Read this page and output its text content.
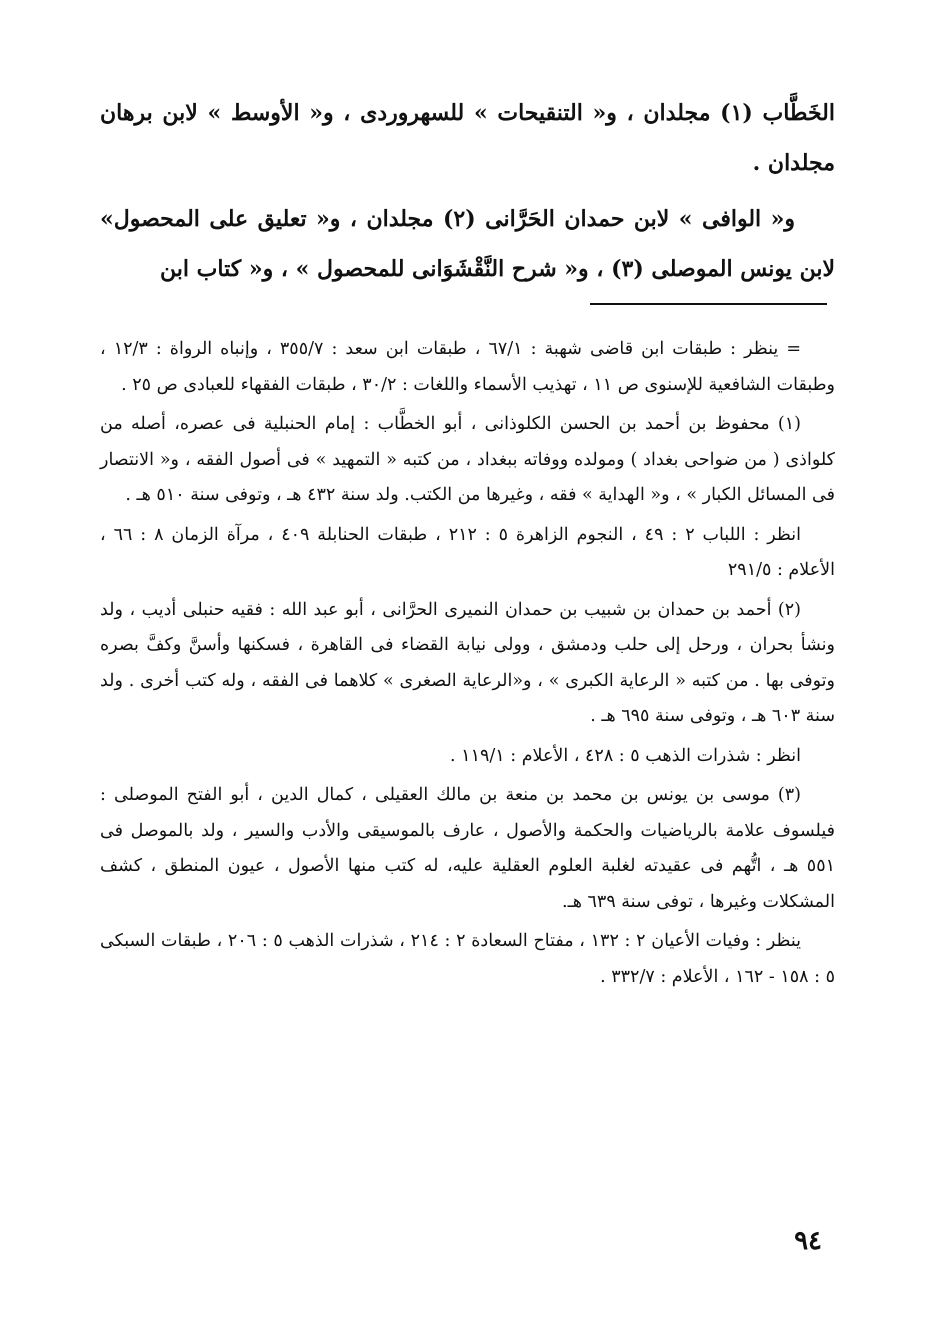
الخَطَّاب (١) مجلدان ، و« التنقيحات » للسهروردى ، و« الأوسط » لابن برهان مجلدان .

و« الوافى » لابن حمدان الحَرَّانى (٢) مجلدان ، و« تعليق على المحصول» لابن يونس الموصلى (٣) ، و« شرح النَّقْشَوَانى للمحصول » ، و« كتاب ابن

= ينظر : طبقات ابن قاضى شهبة : ٦٧/١ ، طبقات ابن سعد : ٣٥٥/٧ ، وإنباه الرواة : ١٢/٣ ، وطبقات الشافعية للإسنوى ص ١١ ، تهذيب الأسماء واللغات : ٣٠/٢ ، طبقات الفقهاء للعبادى ص ٢٥ .

(١) محفوظ بن أحمد بن الحسن الكلوذانى ، أبو الخطَّاب : إمام الحنبلية فى عصره، أصله من كلواذى ( من ضواحى بغداد ) ومولده ووفاته ببغداد ، من كتبه « التمهيد » فى أصول الفقه ، و« الانتصار فى المسائل الكبار » ، و« الهداية » فقه ، وغيرها من الكتب. ولد سنة ٤٣٢ هـ ، وتوفى سنة ٥١٠ هـ .

انظر : اللباب ٢ : ٤٩ ، النجوم الزاهرة ٥ : ٢١٢ ، طبقات الحنابلة ٤٠٩ ، مرآة الزمان ٨ : ٦٦ ، الأعلام : ٢٩١/٥

(٢) أحمد بن حمدان بن شبيب بن حمدان النميرى الحرَّانى ، أبو عبد الله : فقيه حنبلى أديب ، ولد ونشأ بحران ، ورحل إلى حلب ودمشق ، وولى نيابة القضاء فى القاهرة ، فسكنها وأسنَّ وكفَّ بصره وتوفى بها . من كتبه « الرعاية الكبرى » ، و«الرعاية الصغرى » كلاهما فى الفقه ، وله كتب أخرى . ولد سنة ٦٠٣ هـ ، وتوفى سنة ٦٩٥ هـ .

انظر : شذرات الذهب ٥ : ٤٢٨ ، الأعلام : ١١٩/١ .

(٣) موسى بن يونس بن محمد بن منعة بن مالك العقيلى ، كمال الدين ، أبو الفتح الموصلى : فيلسوف علامة بالرياضيات والحكمة والأصول ، عارف بالموسيقى والأدب والسير ، ولد بالموصل فى ٥٥١ هـ ، اتُّهم فى عقيدته لغلبة العلوم العقلية عليه، له كتب منها الأصول ، عيون المنطق ، كشف المشكلات وغيرها ، توفى سنة ٦٣٩ هـ.

ينظر : وفيات الأعيان ٢ : ١٣٢ ، مفتاح السعادة ٢ : ٢١٤ ، شذرات الذهب ٥ : ٢٠٦ ، طبقات السبكى ٥ : ١٥٨ - ١٦٢ ، الأعلام : ٣٣٢/٧ .

٩٤
